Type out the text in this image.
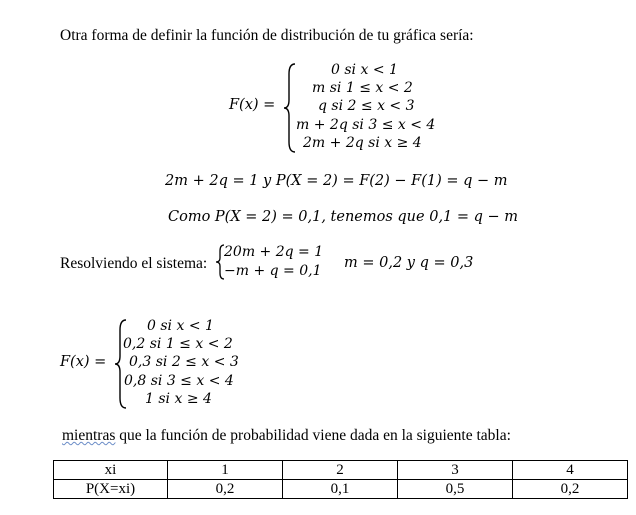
Otra forma de definir la función de distribución de tu gráfica sería:
F(x) =
0 si x < 1
m si 1 ≤ x < 2
q si 2 ≤ x < 3
m + 2q si 3 ≤ x < 4
2m + 2q si x ≥ 4
2m + 2q = 1 y P(X = 2) = F(2) − F(1) = q − m
Como P(X = 2) = 0,1, tenemos que 0,1 = q − m
Resolviendo el sistema:
20m + 2q = 1
−m + q = 0,1 m = 0,2 y q = 0,3
F(x) =
0 si x < 1
0,2 si 1 ≤ x < 2
0,3 si 2 ≤ x < 3
0,8 si 3 ≤ x < 4
1 si x ≥ 4
mientras que la función de probabilidad viene dada en la siguiente tabla:
xi	1	2	3	4
P(X=xi)	0,2	0,1	0,5	0,2
